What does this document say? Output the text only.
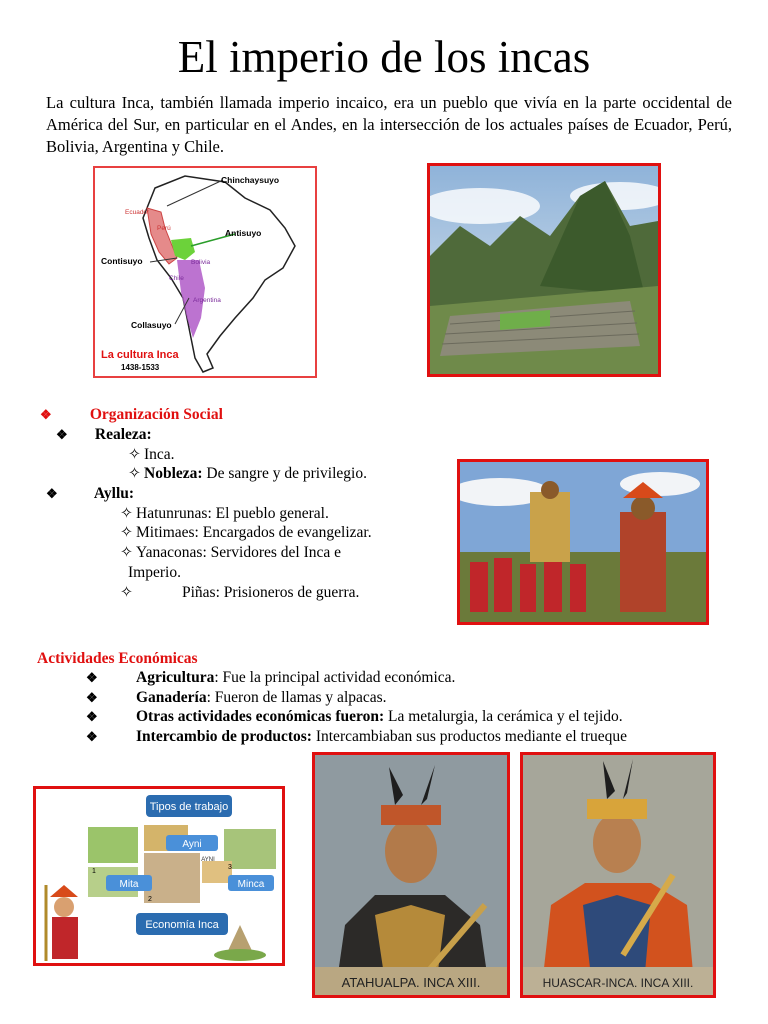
El imperio de los incas
La cultura Inca, también llamada imperio incaico, era un pueblo que vivía en la parte occidental de América del Sur, en particular en el Andes, en la intersección de los actuales países de Ecuador, Perú, Bolivia, Argentina y Chile.
Chinchaysuyo
Antisuyo
Contisuyo
Collasuyo
Ecuador
Perú
Bolivia
Chile
Argentina
La cultura Inca
1438-1533
❖ Organización Social
❖ Realeza:
✧ Inca.
✧ Nobleza: De sangre y de privilegio.
❖ Ayllu:
✧ Hatunrunas: El pueblo general.
✧ Mitimaes: Encargados de evangelizar.
✧ Yanaconas: Servidores del Inca e
Imperio.
✧	Piñas: Prisioneros de guerra.
Actividades Económicas
❖ Agricultura: Fue la principal actividad económica.
❖ Ganadería: Fueron de llamas y alpacas.
❖ Otras actividades económicas fueron: La metalurgia, la cerámica y el tejido.
❖ Intercambio de productos: Intercambiaban sus productos mediante el trueque
Tipos de trabajo
Ayni
AYNI
Mita	Minca
1
2
3
Economía Inca
ATAHUALPA. INCA XIII.	HUASCAR-INCA. INCA XIII.
